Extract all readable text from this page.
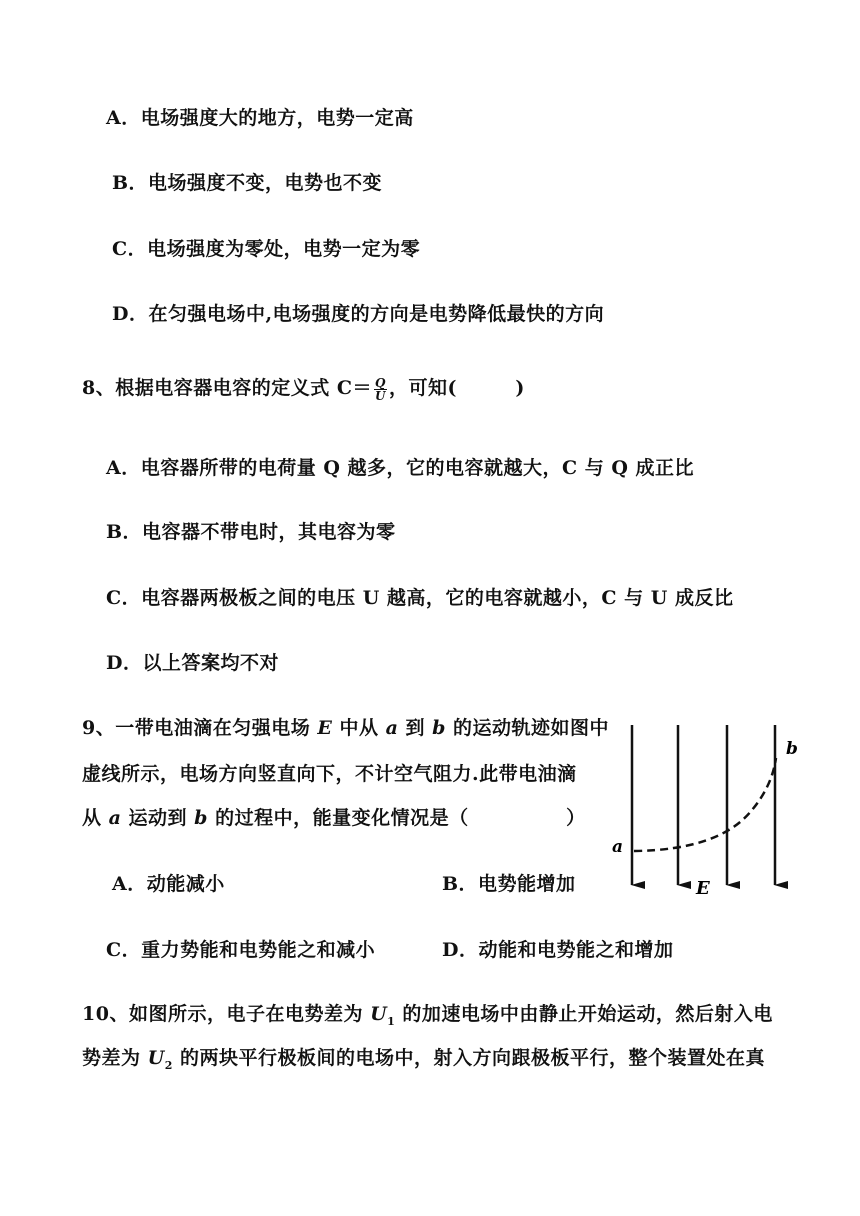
A．电场强度大的地方，电势一定高
B．电场强度不变，电势也不变
C．电场强度为零处，电势一定为零
D．在匀强电场中,电场强度的方向是电势降低最快的方向
8、根据电容器电容的定义式 $C= \frac{Q}{U}$ ，可知(　　　)
A．电容器所带的电荷量 Q 越多，它的电容就越大，C 与 Q 成正比
B．电容器不带电时，其电容为零
C．电容器两极板之间的电压 U 越高，它的电容就越小，C 与 U 成反比
D．以上答案均不对
9、一带电油滴在匀强电场 E 中从 a 到 b 的运动轨迹如图中
虚线所示，电场方向竖直向下，不计空气阻力.此带电油滴
从 a 运动到 b 的过程中，能量变化情况是（　　　　　）
A．动能减小	B．电势能增加
C．重力势能和电势能之和减小	D．动能和电势能之和增加
a
b
E
10、如图所示，电子在电势差为 $U_1$ 的加速电场中由静止开始运动，然后射入电
势差为 $U_2$ 的两块平行极板间的电场中，射入方向跟极板平行，整个装置处在真
